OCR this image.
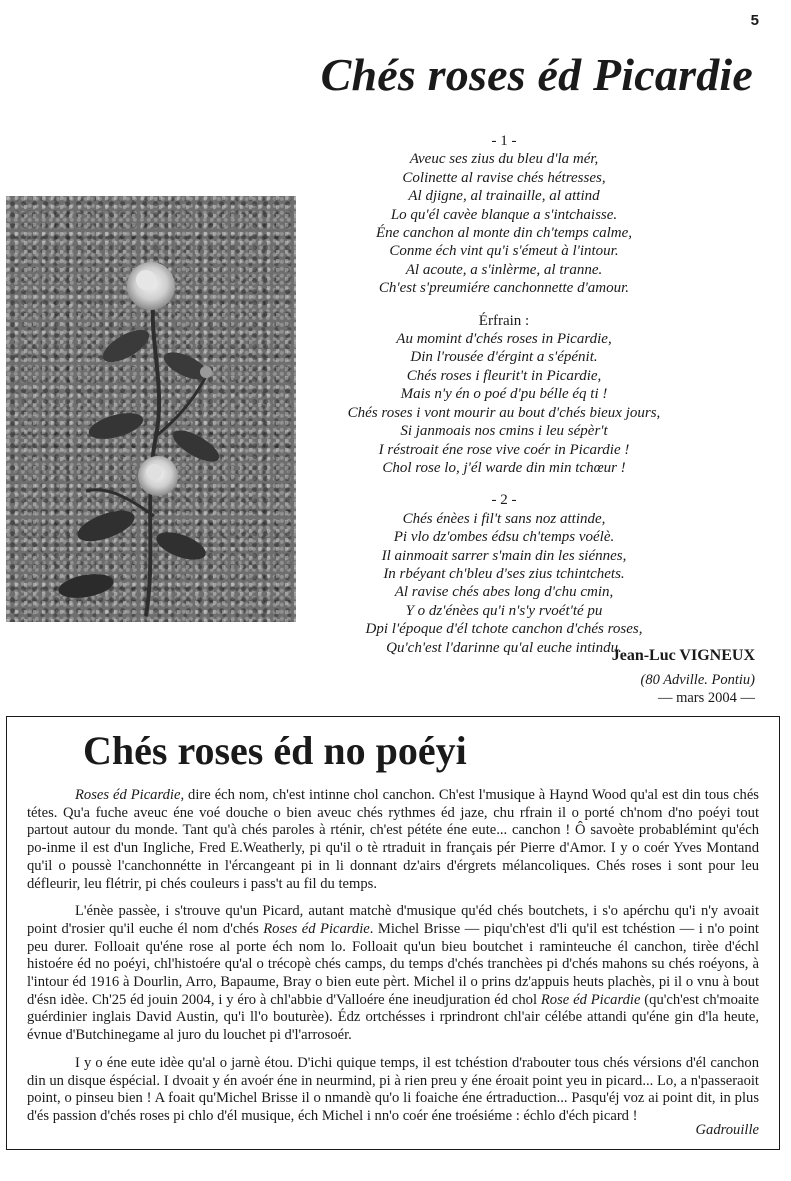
5
Chés roses éd Picardie

- 1 -

Aveuc ses zius du bleu d'la mér,

Colinette al ravise chés hétresses,

Al djigne, al trainaille, al attind

Lo qu'él cavèe blanque a s'intchaisse.

Éne canchon al monte din ch'temps calme,

Conme éch vint qu'i s'émeut à l'intour.

Al acoute, a s'inlèrme, al tranne.

Ch'est s'preumiére canchonnette d'amour.

Érfrain :

Au momint d'chés roses in Picardie,

Din l'rousée d'érgint a s'épénit.

Chés roses i fleurit't in Picardie,

Mais n'y én o poé d'pu bélle éq ti !

Chés roses i vont mourir au bout d'chés bieux jours,

Si janmoais nos cmins i leu sépèr't

I réstroait éne rose vive coér in Picardie !

Chol rose lo, j'él warde din min tchœur !

- 2 -

Chés énèes i fil't sans noz attinde,

Pi vlo dz'ombes édsu ch'temps voélè.

Il ainmoait sarrer s'main din les siénnes,

In rbéyant ch'bleu d'ses zius tchintchets.

Al ravise chés abes long d'chu cmin,

Y o dz'énèes qu'i n's'y rvoét'té pu

Dpi l'époque d'él tchote canchon d'chés roses,

Qu'ch'est l'darinne qu'al euche intindu.

Jean-Luc VIGNEUX
(80 Adville. Pontiu)
— mars 2004 —
Chés roses éd no poéyi

Roses éd Picardie, dire éch nom, ch'est intinne chol canchon. Ch'est l'musique à Haynd Wood qu'al est din tous chés tétes. Qu'a fuche aveuc éne voé douche o bien aveuc chés rythmes éd jaze, chu rfrain il o porté ch'nom d'no poéyi tout partout autour du monde. Tant qu'à chés paroles à rténir, ch'est pététe éne eute... canchon ! Ô savoète probablémint qu'éch po-inme il est d'un Ingliche, Fred E.Weatherly, pi qu'il o tè rtraduit in français pér Pierre d'Amor. I y o coér Yves Montand qu'il o poussè l'canchonnétte in l'ércangeant pi in li donnant dz'airs d'érgrets mélancoliques. Chés roses i sont pour leu défleurir, leu flétrir, pi chés couleurs i pass't au fil du temps.

L'énèe passèe, i s'trouve qu'un Picard, autant matchè d'musique qu'éd chés boutchets, i s'o apérchu qu'i n'y avoait point d'rosier qu'il euche él nom d'chés Roses éd Picardie. Michel Brisse — piqu'ch'est d'li qu'il est tchéstion — i n'o point peu durer. Folloait qu'éne rose al porte éch nom lo. Folloait qu'un bieu boutchet i raminteuche él canchon, tirèe d'échl histoére éd no poéyi, chl'histoére qu'al o trécopè chés camps, du temps d'chés tranchèes pi d'chés mahons su chés roéyons, à l'intour éd 1916 à Dourlin, Arro, Bapaume, Bray o bien eute pèrt. Michel il o prins dz'appuis heuts plachès, pi il o vnu à bout d'ésn idèe. Ch'25 éd jouin 2004, i y éro à chl'abbie d'Valloére éne ineudjuration éd chol Rose éd Picardie (qu'ch'est ch'moaite guérdinier inglais David Austin, qu'i ll'o bouturèe). Édz ortchésses i rprindront chl'air célébe attandi qu'éne gin d'la heute, évnue d'Butchinegame al juro du louchet pi d'l'arrosoér.

I y o éne eute idèe qu'al o jarnè étou. D'ichi quique temps, il est tchéstion d'rabouter tous chés vérsions d'él canchon din un disque éspécial. I dvoait y én avoér éne in neurmind, pi à rien preu y éne éroait point yeu in picard... Lo, a n'passeraoit point, o pinseu bien ! A foait qu'Michel Brisse il o nmandè qu'o li foaiche éne értraduction... Pasqu'éj voz ai point dit, in plus d'és passion d'chés roses pi chlo d'él musique, éch Michel i nn'o coér éne troésiéme : échlo d'éch picard !

Gadrouille
